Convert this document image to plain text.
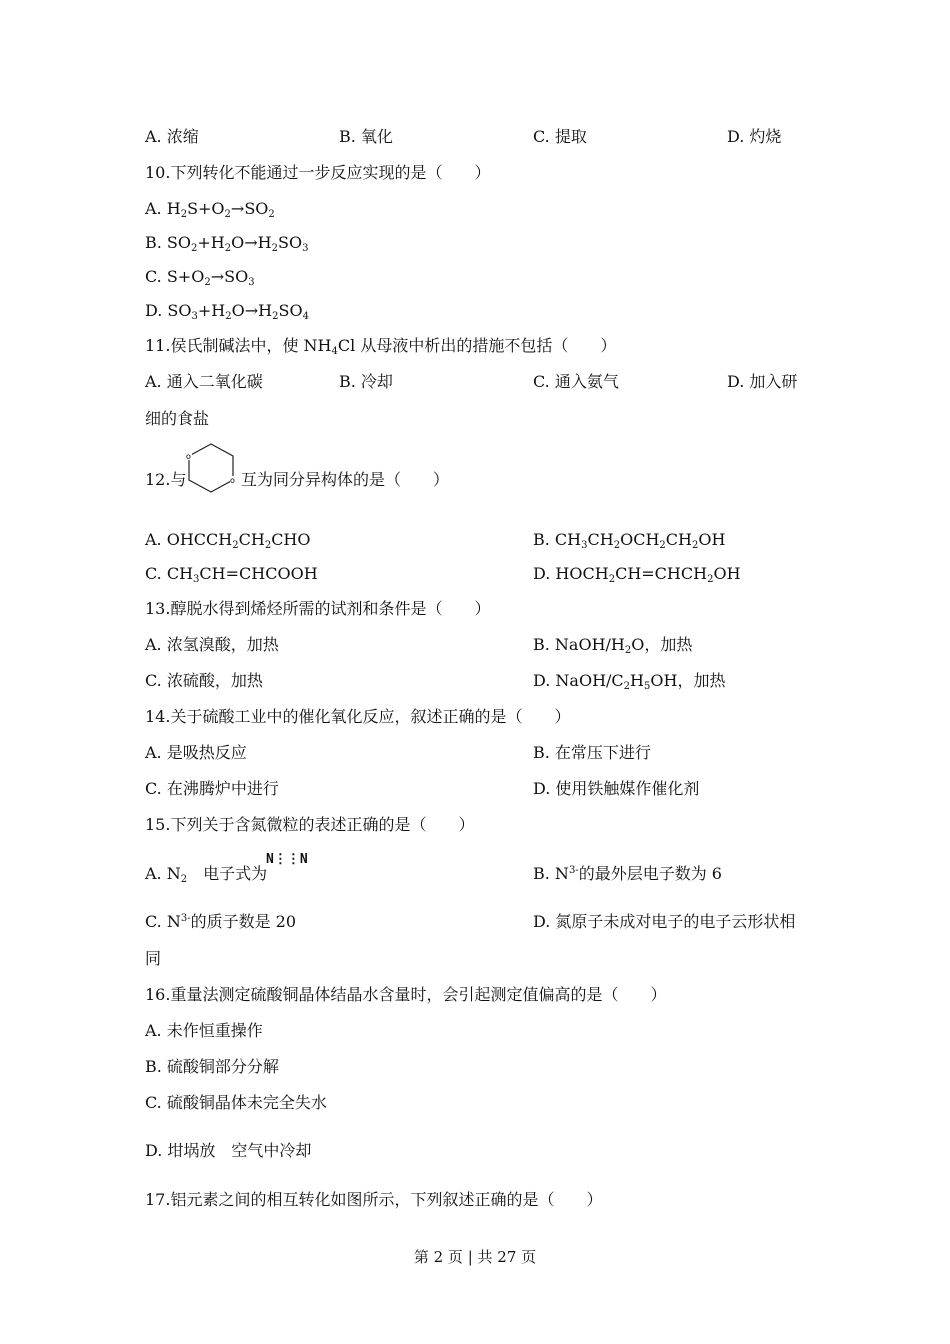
A. 浓缩	B. 氧化	C. 提取	D. 灼烧
10.下列转化不能通过一步反应实现的是（　　）
A. $H_2S+O_2\to SO_2$
B. $SO_2+H_2O\to H_2SO_3$
C. $S+O_2\to SO_3$
D. $SO_3+H_2O\to H_2SO_4$
11.侯氏制碱法中，使 $NH_4Cl$ 从母液中析出的措施不包括（　　）
A. 通入二氧化碳	B. 冷却	C. 通入氨气	D. 加入研
细的食盐
12.与
o
o 互为同分异构体的是（　　）
A. $OHCCH_2CH_2CHO$	B. $CH_3CH_2OCH_2CH_2OH$
C. $CH_3CH=CHCOOH$	D. $HOCH_2CH=CHCH_2OH$
13.醇脱水得到烯烃所需的试剂和条件是（　　）
A. 浓氢溴酸，加热	B. NaOH/$H_2O$，加热
C. 浓硫酸，加热	D. NaOH/$C_2H_5OH$，加热
14.关于硫酸工业中的催化氧化反应，叙述正确的是（　　）
A. 是吸热反应	B. 在常压下进行
C. 在沸腾炉中进行	D. 使用铁触媒作催化剂
15.下列关于含氮微粒的表述正确的是（　　）
A. $N_2$　 电子式为
N⋮⋮N
B. $N^{3-}$的最外层电子数为 6
C. $N^{3-}$的质子数是 20	D. 氮原子未成对电子的电子云形状相
同
16.重量法测定硫酸铜晶体结晶水含量时，会引起测定值偏高的是（　　）
A. 未作恒重操作
B. 硫酸铜部分分解
C. 硫酸铜晶体未完全失水
D. 坩埚放　空气中冷却
17.铝元素之间的相互转化如图所示，下列叙述正确的是（　　）
第 2 页 | 共 27 页
